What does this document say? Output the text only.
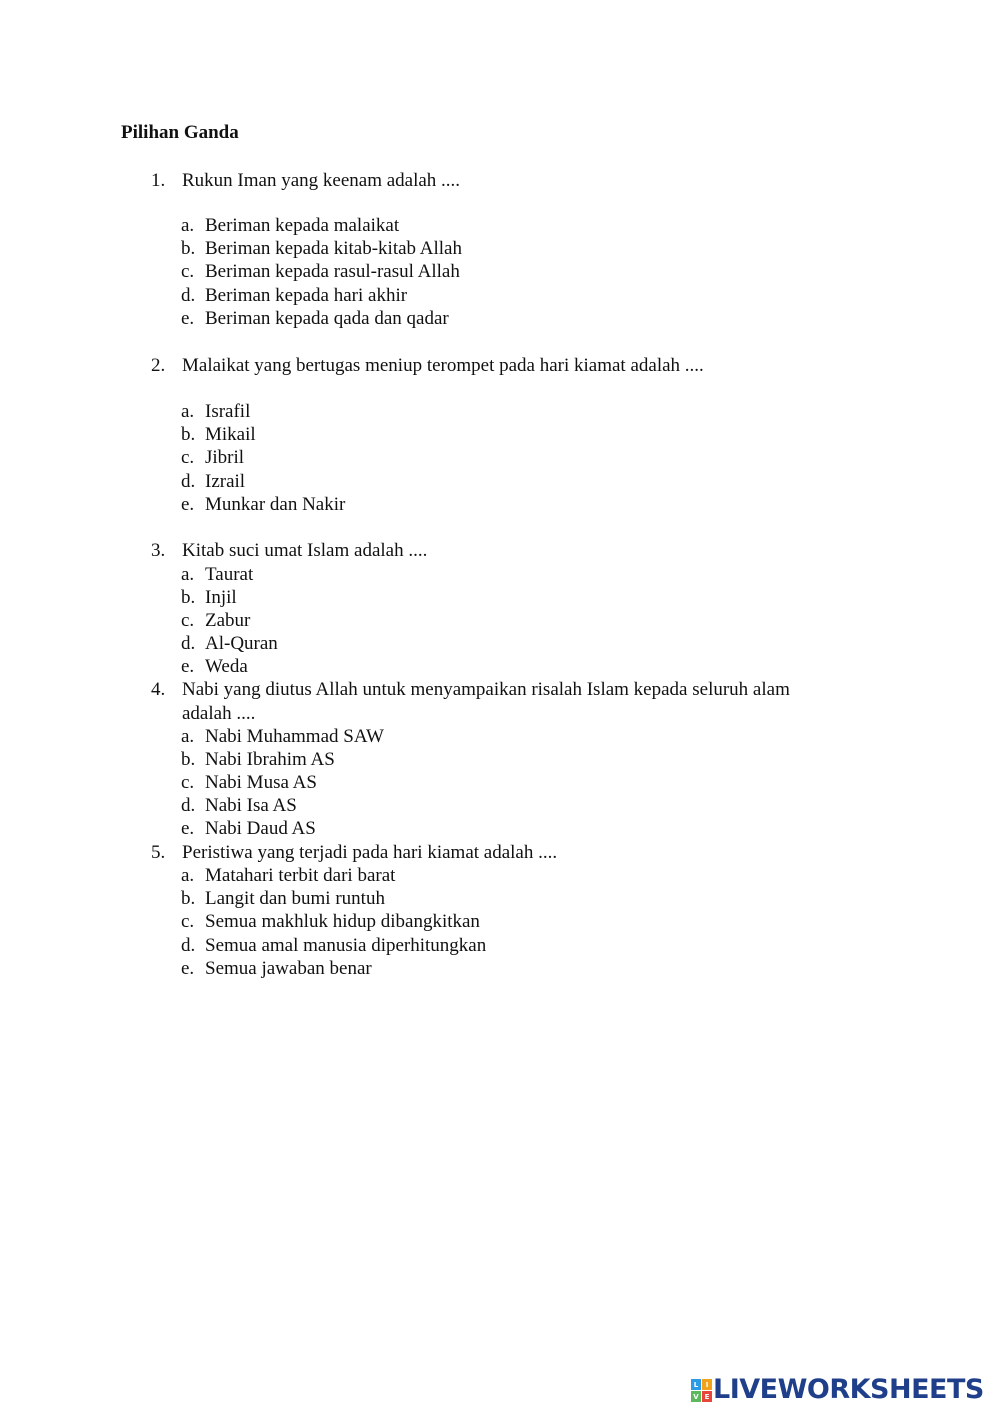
Pilihan Ganda
1. Rukun Iman yang keenam adalah ....
a. Beriman kepada malaikat
b. Beriman kepada kitab-kitab Allah
c. Beriman kepada rasul-rasul Allah
d. Beriman kepada hari akhir
e. Beriman kepada qada dan qadar
2. Malaikat yang bertugas meniup terompet pada hari kiamat adalah ....
a. Israfil
b. Mikail
c. Jibril
d. Izrail
e. Munkar dan Nakir
3. Kitab suci umat Islam adalah ....
a. Taurat
b. Injil
c. Zabur
d. Al-Quran
e. Weda
4. Nabi yang diutus Allah untuk menyampaikan risalah Islam kepada seluruh alam
adalah ....
a. Nabi Muhammad SAW
b. Nabi Ibrahim AS
c. Nabi Musa AS
d. Nabi Isa AS
e. Nabi Daud AS
5. Peristiwa yang terjadi pada hari kiamat adalah ....
a. Matahari terbit dari barat
b. Langit dan bumi runtuh
c. Semua makhluk hidup dibangkitkan
d. Semua amal manusia diperhitungkan
e. Semua jawaban benar
L	I
V E LIVEWORKSHEETS
